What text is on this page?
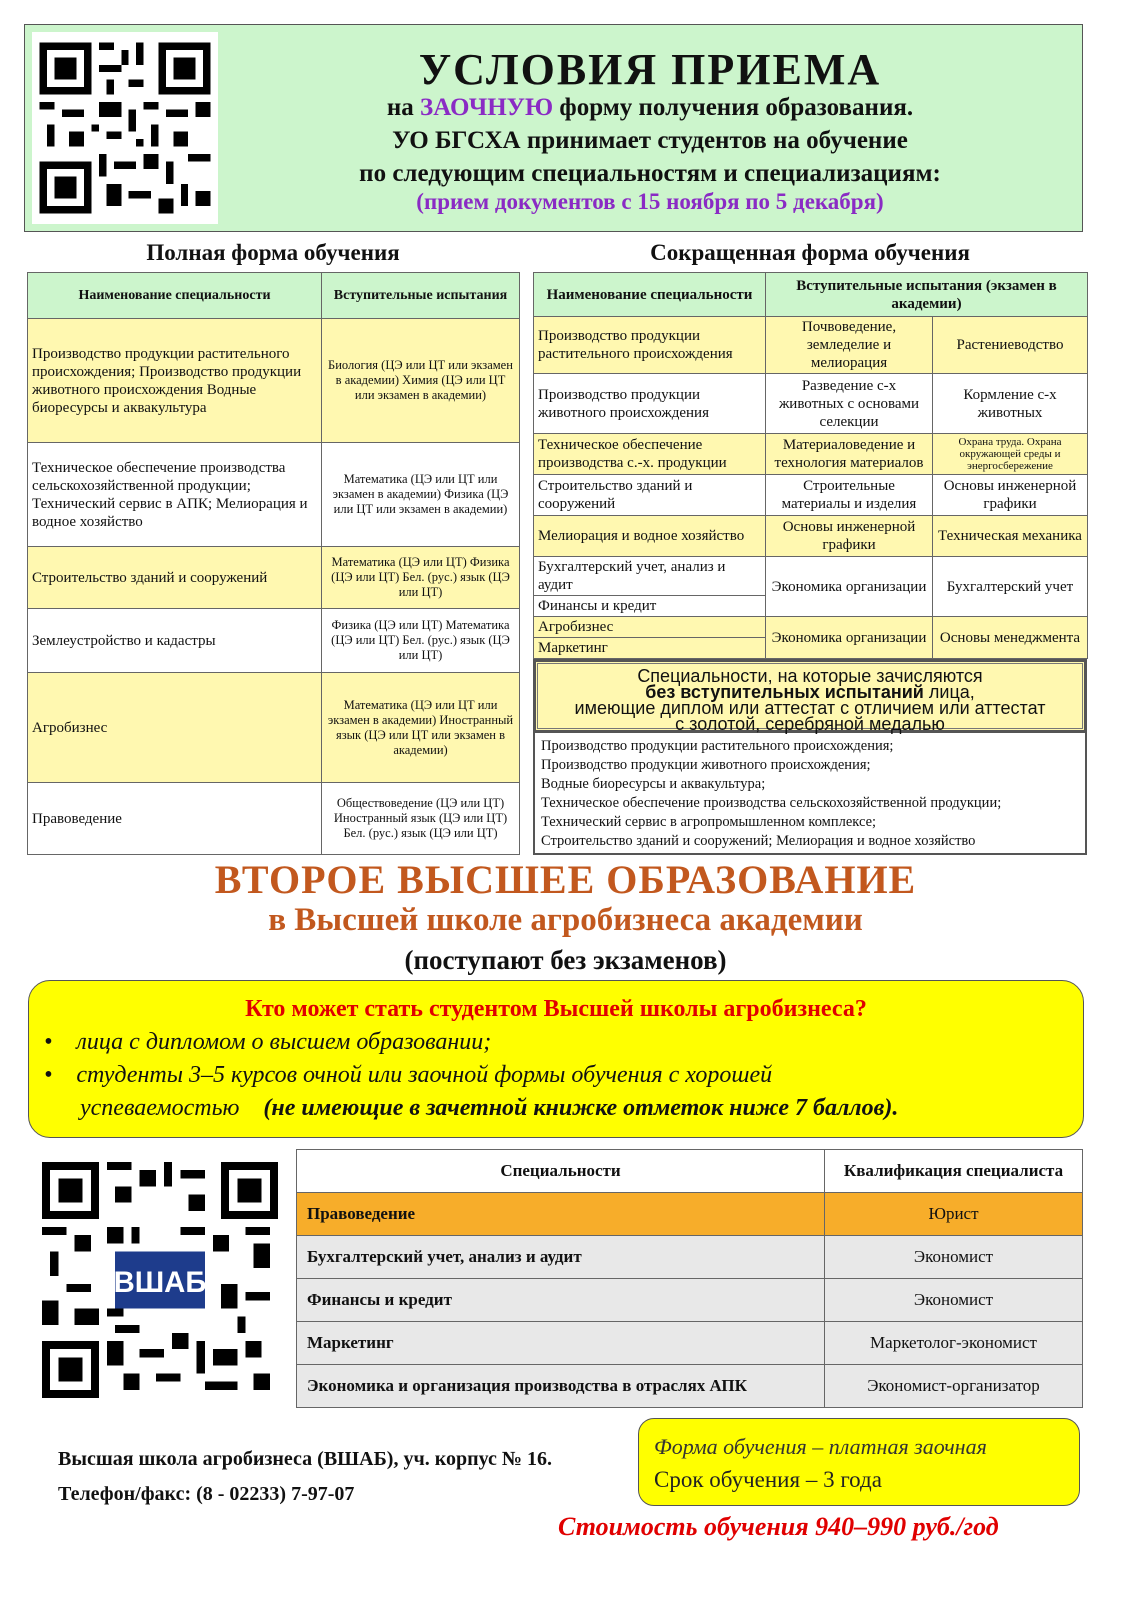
УСЛОВИЯ ПРИЕМА
на ЗАОЧНУЮ форму получения образования.
УО БГСХА принимает студентов на обучение
по следующим специальностям и специализациям:
(прием документов с 15 ноября по 5 декабря)
Полная форма обучения	Сокращенная форма обучения
Наименование специальности	Вступительные испытания
Производство продукции растительного происхождения; Производство продукции животного происхождения Водные биоресурсы и аквакультура	Биология (ЦЭ или ЦТ или экзамен в академии) Химия (ЦЭ или ЦТ или экзамен в академии)
Техническое обеспечение производства сельскохозяйственной продукции; Технический сервис в АПК; Мелиорация и водное хозяйство	Математика (ЦЭ или ЦТ или экзамен в академии) Физика (ЦЭ или ЦТ или экзамен в академии)
Строительство зданий и сооружений	Математика (ЦЭ или ЦТ) Физика (ЦЭ или ЦТ) Бел. (рус.) язык (ЦЭ или ЦТ)
Землеустройство и кадастры	Физика (ЦЭ или ЦТ) Математика (ЦЭ или ЦТ) Бел. (рус.) язык (ЦЭ или ЦТ)
Агробизнес	Математика (ЦЭ или ЦТ или экзамен в академии) Иностранный язык (ЦЭ или ЦТ или экзамен в академии)
Правоведение	Обществоведение (ЦЭ или ЦТ) Иностранный язык (ЦЭ или ЦТ) Бел. (рус.) язык (ЦЭ или ЦТ)
Наименование специальности	Вступительные испытания (экзамен в академии)	
Производство продукции растительного происхождения	Почвоведение, земледелие и мелиорация	Растениеводство
Производство продукции животного происхождения	Разведение с-х животных с основами селекции	Кормление с-х животных
Техническое обеспечение производства с.-х. продукции	Материаловедение и технология материалов	Охрана труда. Охрана окружающей среды и энергосбережение
Строительство зданий и сооружений	Строительные материалы и изделия	Основы инженерной графики
Мелиорация и водное хозяйство	Основы инженерной графики	Техническая механика
Бухгалтерский учет, анализ и аудит	Экономика организации	Бухгалтерский учет
Финансы и кредит		
Агробизнес	Экономика организации	Основы менеджмента
Маркетинг		
Специальности, на которые зачисляются
без вступительных испытаний лица,
имеющие диплом или аттестат с отличием или аттестат
с золотой, серебряной медалью
Производство продукции растительного происхождения;
Производство продукции животного происхождения;
Водные биоресурсы и аквакультура;
Техническое обеспечение производства сельскохозяйственной продукции;
Технический сервис в агропромышленном комплексе;
Строительство зданий и сооружений; Мелиорация и водное хозяйство
ВТОРОЕ ВЫСШЕЕ ОБРАЗОВАНИЕ
в Высшей школе агробизнеса академии
(поступают без экзаменов)
Кто может стать студентом Высшей школы агробизнеса?
•    лица с дипломом о высшем образовании;
•    студенты 3–5 курсов очной или заочной формы обучения с хорошей
успеваемостью (не имеющие в зачетной книжке отметок ниже 7 баллов).
ВШАБ
Специальности	Квалификация специалиста
Правоведение	Юрист
Бухгалтерский учет, анализ и аудит	Экономист
Финансы и кредит	Экономист
Маркетинг	Маркетолог-экономист
Экономика и организация производства в отраслях АПК	Экономист-организатор
Высшая школа агробизнеса (ВШАБ), уч. корпус № 16.
Телефон/факс: (8 - 02233) 7-97-07
Форма обучения – платная заочная
Срок обучения – 3 года
Стоимость обучения 940–990 руб./год
